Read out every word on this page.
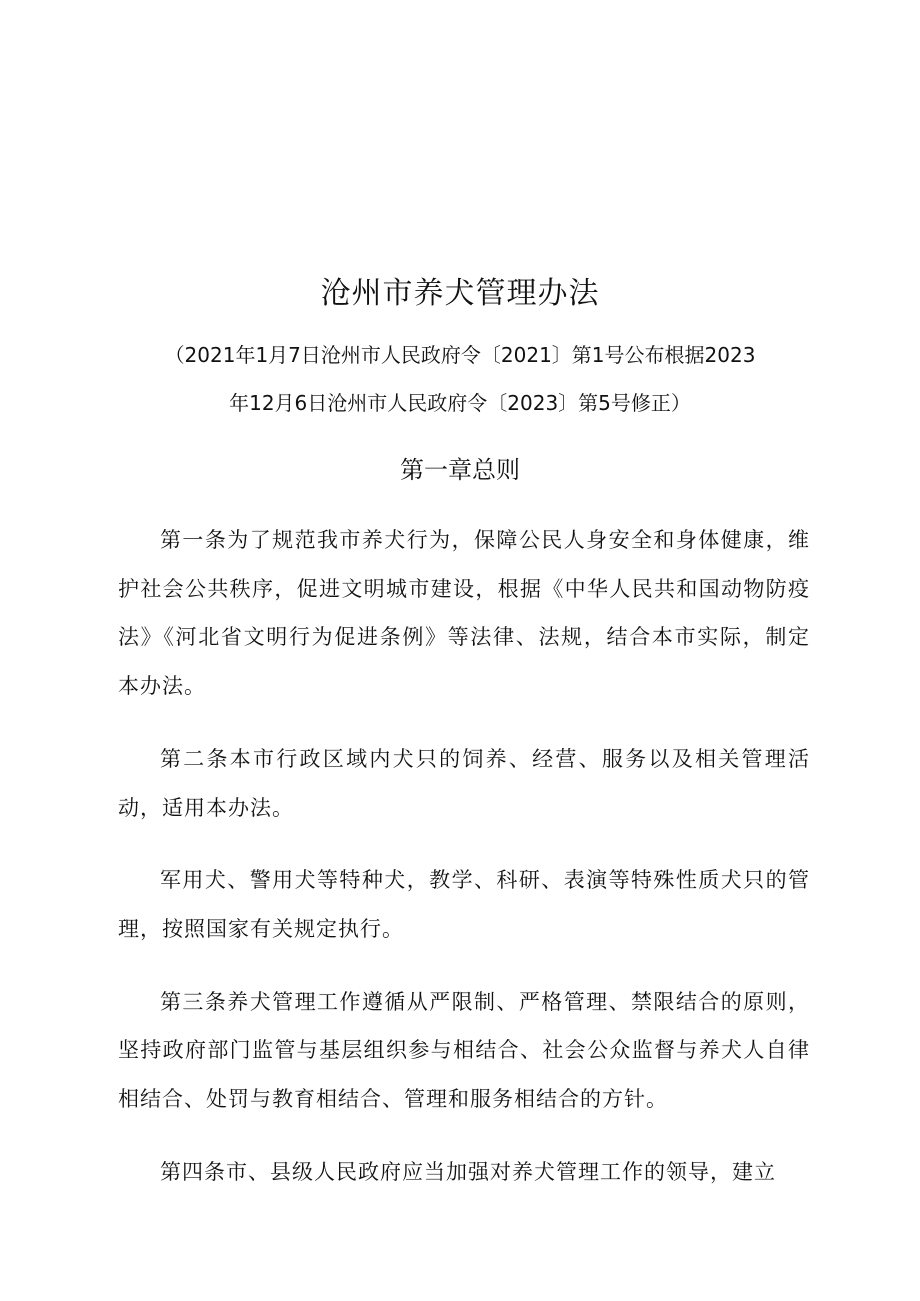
沧州市养犬管理办法
（2021年1月7日沧州市人民政府令〔2021〕第1号公布根据2023
年12月6日沧州市人民政府令〔2023〕第5号修正）
第一章总则

第一条为了规范我市养犬行为，保障公民人身安全和身体健康，维护社会公共秩序，促进文明城市建设，根据《中华人民共和国动物防疫法》《河北省文明行为促进条例》等法律、法规，结合本市实际，制定本办法。

第二条本市行政区域内犬只的饲养、经营、服务以及相关管理活动，适用本办法。

军用犬、警用犬等特种犬，教学、科研、表演等特殊性质犬只的管理，按照国家有关规定执行。

第三条养犬管理工作遵循从严限制、严格管理、禁限结合的原则，坚持政府部门监管与基层组织参与相结合、社会公众监督与养犬人自律相结合、处罚与教育相结合、管理和服务相结合的方针。

第四条市、县级人民政府应当加强对养犬管理工作的领导，建立
